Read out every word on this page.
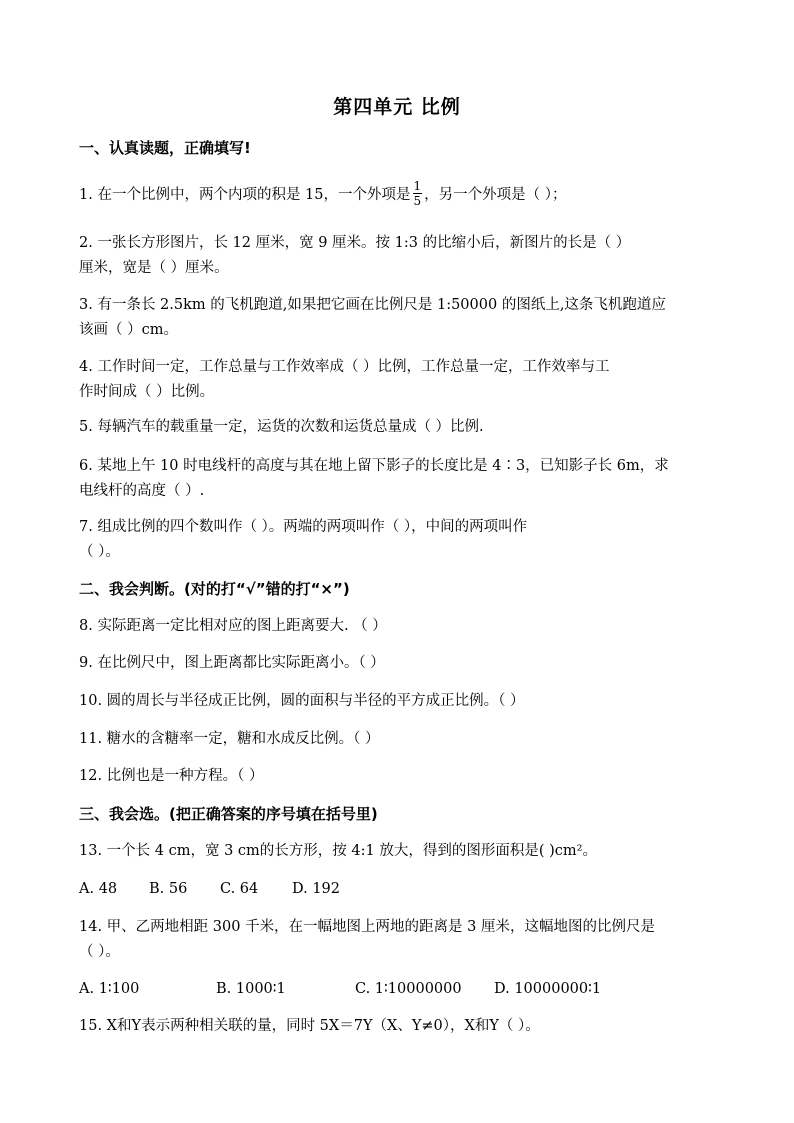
第四单元 比例
一、认真读题，正确填写!
1. 在一个比例中，两个内项的积是 15，一个外项是 $\frac{1}{5}$ ，另一个外项是（ ）；
2. 一张长方形图片，长 12 厘米，宽 9 厘米。按 1:3 的比缩小后，新图片的长是（ ）
厘米，宽是（ ）厘米。
3. 有一条长 2.5km 的飞机跑道,如果把它画在比例尺是 1:50000 的图纸上,这条飞机跑道应
该画（ ）cm。
4. 工作时间一定，工作总量与工作效率成（ ）比例，工作总量一定，工作效率与工
作时间成（ ）比例。
5. 每辆汽车的载重量一定，运货的次数和运货总量成（ ）比例.
6. 某地上午 10 时电线杆的高度与其在地上留下影子的长度比是 4∶3，已知影子长 6m，求
电线杆的高度（ ）.
7. 组成比例的四个数叫作（ ）。两端的两项叫作（ ），中间的两项叫作
（ ）。
二、我会判断。(对的打“√”错的打“×”)
8. 实际距离一定比相对应的图上距离要大. （ ）
9. 在比例尺中，图上距离都比实际距离小。（ ）
10. 圆的周长与半径成正比例，圆的面积与半径的平方成正比例。（ ）
11. 糖水的含糖率一定，糖和水成反比例。（ ）
12. 比例也是一种方程。（ ）
三、我会选。(把正确答案的序号填在括号里)
13. 一个长 4 cm，宽 3 cm的长方形，按 4:1 放大，得到的图形面积是( )cm²。
A. 48 B. 56 C. 64 D. 192
14. 甲、乙两地相距 300 千米，在一幅地图上两地的距离是 3 厘米，这幅地图的比例尺是
（ ）。
A. 1∶100	B. 1000∶1	C. 1∶10000000 D. 10000000∶1
15. X和Y表示两种相关联的量，同时 5X＝7Y（X、Y≠0），X和Y（ ）。
